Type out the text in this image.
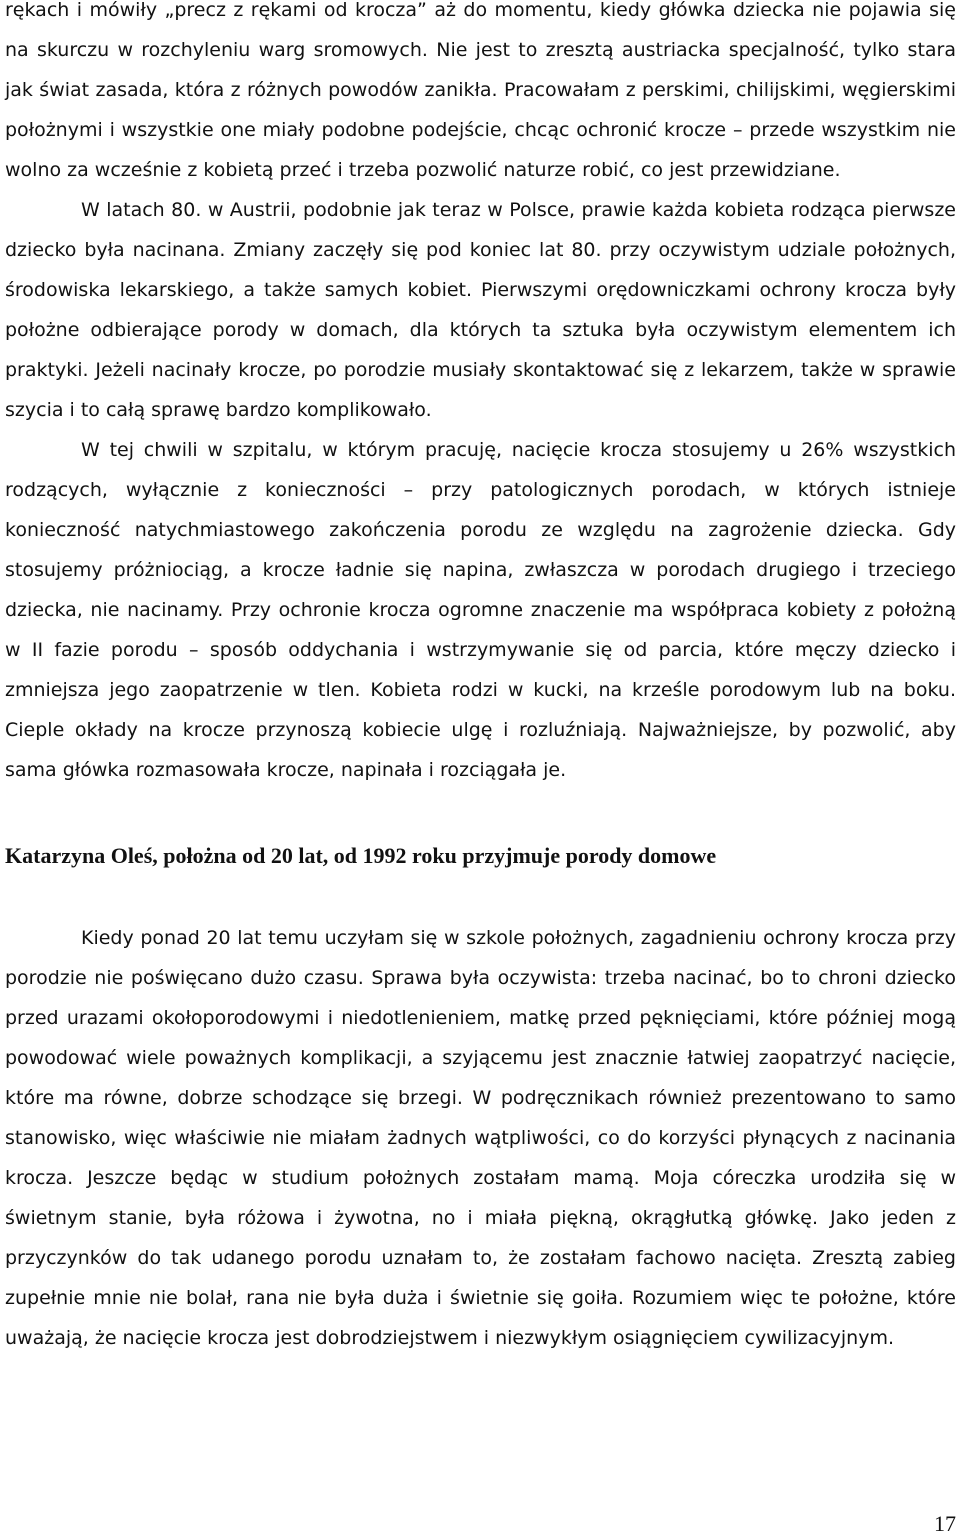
rękach i mówiły „precz z rękami od krocza” aż do momentu, kiedy główka dziecka nie pojawia się na skurczu w rozchyleniu warg sromowych. Nie jest to zresztą austriacka specjalność, tylko stara jak świat zasada, która z różnych powodów zanikła. Pracowałam z perskimi, chilijskimi, węgierskimi położnymi i wszystkie one miały podobne podejście, chcąc ochronić krocze – przede wszystkim nie wolno za wcześnie z kobietą przeć i trzeba pozwolić naturze robić, co jest przewidziane.

W latach 80. w Austrii, podobnie jak teraz w Polsce, prawie każda kobieta rodząca pierwsze dziecko była nacinana. Zmiany zaczęły się pod koniec lat 80. przy oczywistym udziale położnych, środowiska lekarskiego, a także samych kobiet. Pierwszymi orędowniczkami ochrony krocza były położne odbierające porody w domach, dla których ta sztuka była oczywistym elementem ich praktyki. Jeżeli nacinały krocze, po porodzie musiały skontaktować się z lekarzem, także w sprawie szycia i to całą sprawę bardzo komplikowało.

W tej chwili w szpitalu, w którym pracuję, nacięcie krocza stosujemy u 26% wszystkich rodzących, wyłącznie z konieczności – przy patologicznych porodach, w których istnieje konieczność natychmiastowego zakończenia porodu ze względu na zagrożenie dziecka. Gdy stosujemy próżniociąg, a krocze ładnie się napina, zwłaszcza w porodach drugiego i trzeciego dziecka, nie nacinamy. Przy ochronie krocza ogromne znaczenie ma współpraca kobiety z położną w II fazie porodu – sposób oddychania i wstrzymywanie się od parcia, które męczy dziecko i zmniejsza jego zaopatrzenie w tlen. Kobieta rodzi w kucki, na krześle porodowym lub na boku. Cieple okłady na krocze przynoszą kobiecie ulgę i rozluźniają. Najważniejsze, by pozwolić, aby sama główka rozmasowała krocze, napinała i rozciągała je.

Katarzyna Oleś, położna od 20 lat, od 1992 roku przyjmuje porody domowe

Kiedy ponad 20 lat temu uczyłam się w szkole położnych, zagadnieniu ochrony krocza przy porodzie nie poświęcano dużo czasu. Sprawa była oczywista: trzeba nacinać, bo to chroni dziecko przed urazami okołoporodowymi i niedotlenieniem, matkę przed pęknięciami, które później mogą powodować wiele poważnych komplikacji, a szyjącemu jest znacznie łatwiej zaopatrzyć nacięcie, które ma równe, dobrze schodzące się brzegi. W podręcznikach również prezentowano to samo stanowisko, więc właściwie nie miałam żadnych wątpliwości, co do korzyści płynących z nacinania krocza. Jeszcze będąc w studium położnych zostałam mamą. Moja córeczka urodziła się w świetnym stanie, była różowa i żywotna, no i miała piękną, okrągłutką główkę. Jako jeden z przyczynków do tak udanego porodu uznałam to, że zostałam fachowo nacięta. Zresztą zabieg zupełnie mnie nie bolał, rana nie była duża i świetnie się goiła. Rozumiem więc te położne, które uważają, że nacięcie krocza jest dobrodziejstwem i niezwykłym osiągnięciem cywilizacyjnym.

17
